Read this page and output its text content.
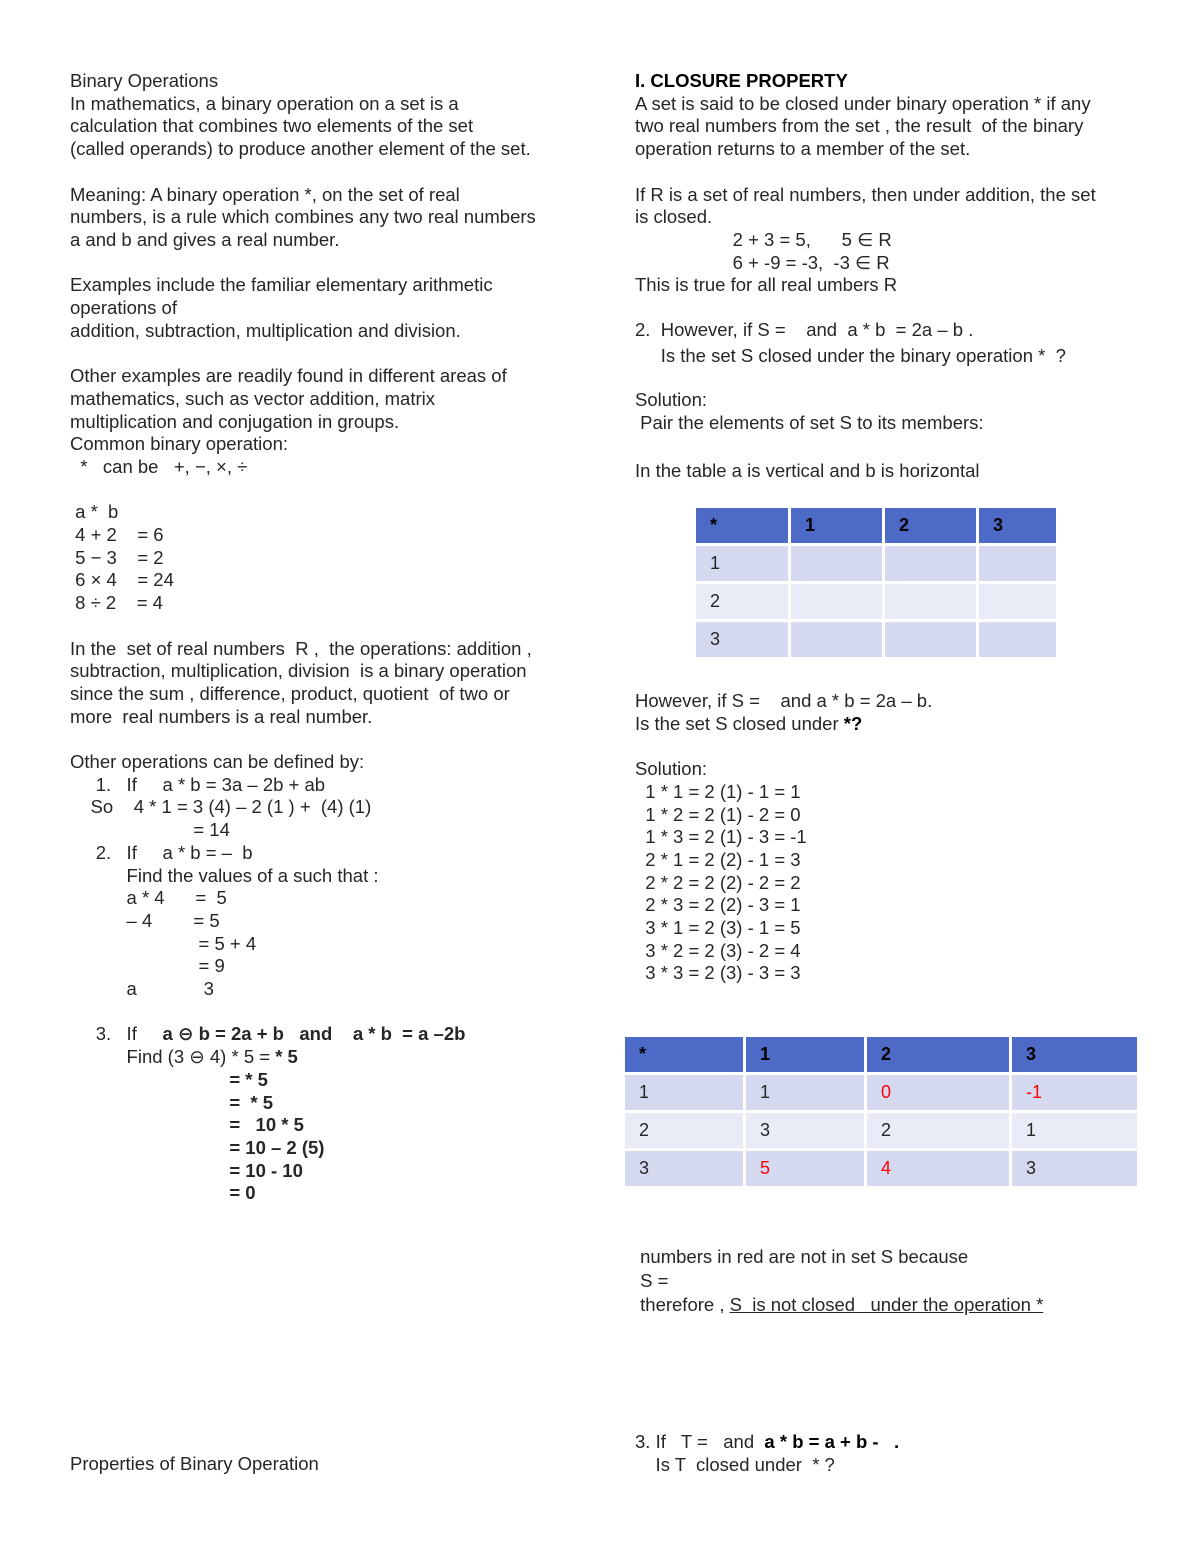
Binary Operations

In mathematics, a binary operation on a set is a

calculation that combines two elements of the set

(called operands) to produce another element of the set.

Meaning: A binary operation *, on the set of real

numbers, is a rule which combines any two real numbers

a and b and gives a real number.

Examples include the familiar elementary arithmetic

operations of

addition, subtraction, multiplication and division.

Other examples are readily found in different areas of

mathematics, such as vector addition, matrix

multiplication and conjugation in groups.

Common binary operation:

*   can be   +, −, ×, ÷

a *  b

4 + 2    = 6

5 − 3    = 2

6 × 4    = 24

8 ÷ 2    = 4

In the  set of real numbers  R ,  the operations: addition ,

subtraction, multiplication, division  is a binary operation

since the sum , difference, product, quotient  of two or

more  real numbers is a real number.

Other operations can be defined by:

1.   If     a * b = 3a – 2b + ab

So    4 * 1 = 3 (4) – 2 (1 ) +  (4) (1)

= 14

2.   If     a * b = –  b

Find the values of a such that :

a * 4      =  5

– 4        = 5

= 5 + 4

= 9

a             3

3.   If     a ⊖ b = 2a + b   and    a * b  = a –2b

Find (3 ⊖ 4) * 5 = * 5

= * 5

=  * 5

=   10 * 5

= 10 – 2 (5)

= 10 - 10

= 0

Properties of Binary Operation

I. CLOSURE PROPERTY

A set is said to be closed under binary operation * if any

two real numbers from the set , the result  of the binary

operation returns to a member of the set.

If R is a set of real numbers, then under addition, the set

is closed.

2 + 3 = 5,      5 ∈ R

6 + -9 = -3,  -3 ∈ R

This is true for all real umbers R

2.  However, if S =    and  a * b  = 2a – b .

Is the set S closed under the binary operation *  ?

Solution:

Pair the elements of set S to its members:

In the table a is vertical and b is horizontal

*	1	2	3
1			
2			
3			

However, if S =    and a * b = 2a – b.

Is the set S closed under *?

Solution:

1 * 1 = 2 (1) - 1 = 1

1 * 2 = 2 (1) - 2 = 0

1 * 3 = 2 (1) - 3 = -1

2 * 1 = 2 (2) - 1 = 3

2 * 2 = 2 (2) - 2 = 2

2 * 3 = 2 (2) - 3 = 1

3 * 1 = 2 (3) - 1 = 5

3 * 2 = 2 (3) - 2 = 4

3 * 3 = 2 (3) - 3 = 3

*	1	2	3
1	1	0	-1
2	3	2	1
3	5	4	3

numbers in red are not in set S because

S =

therefore , S  is not closed   under the operation *

3. If   T =   and  a * b = a + b -   .

Is T  closed under  * ?
